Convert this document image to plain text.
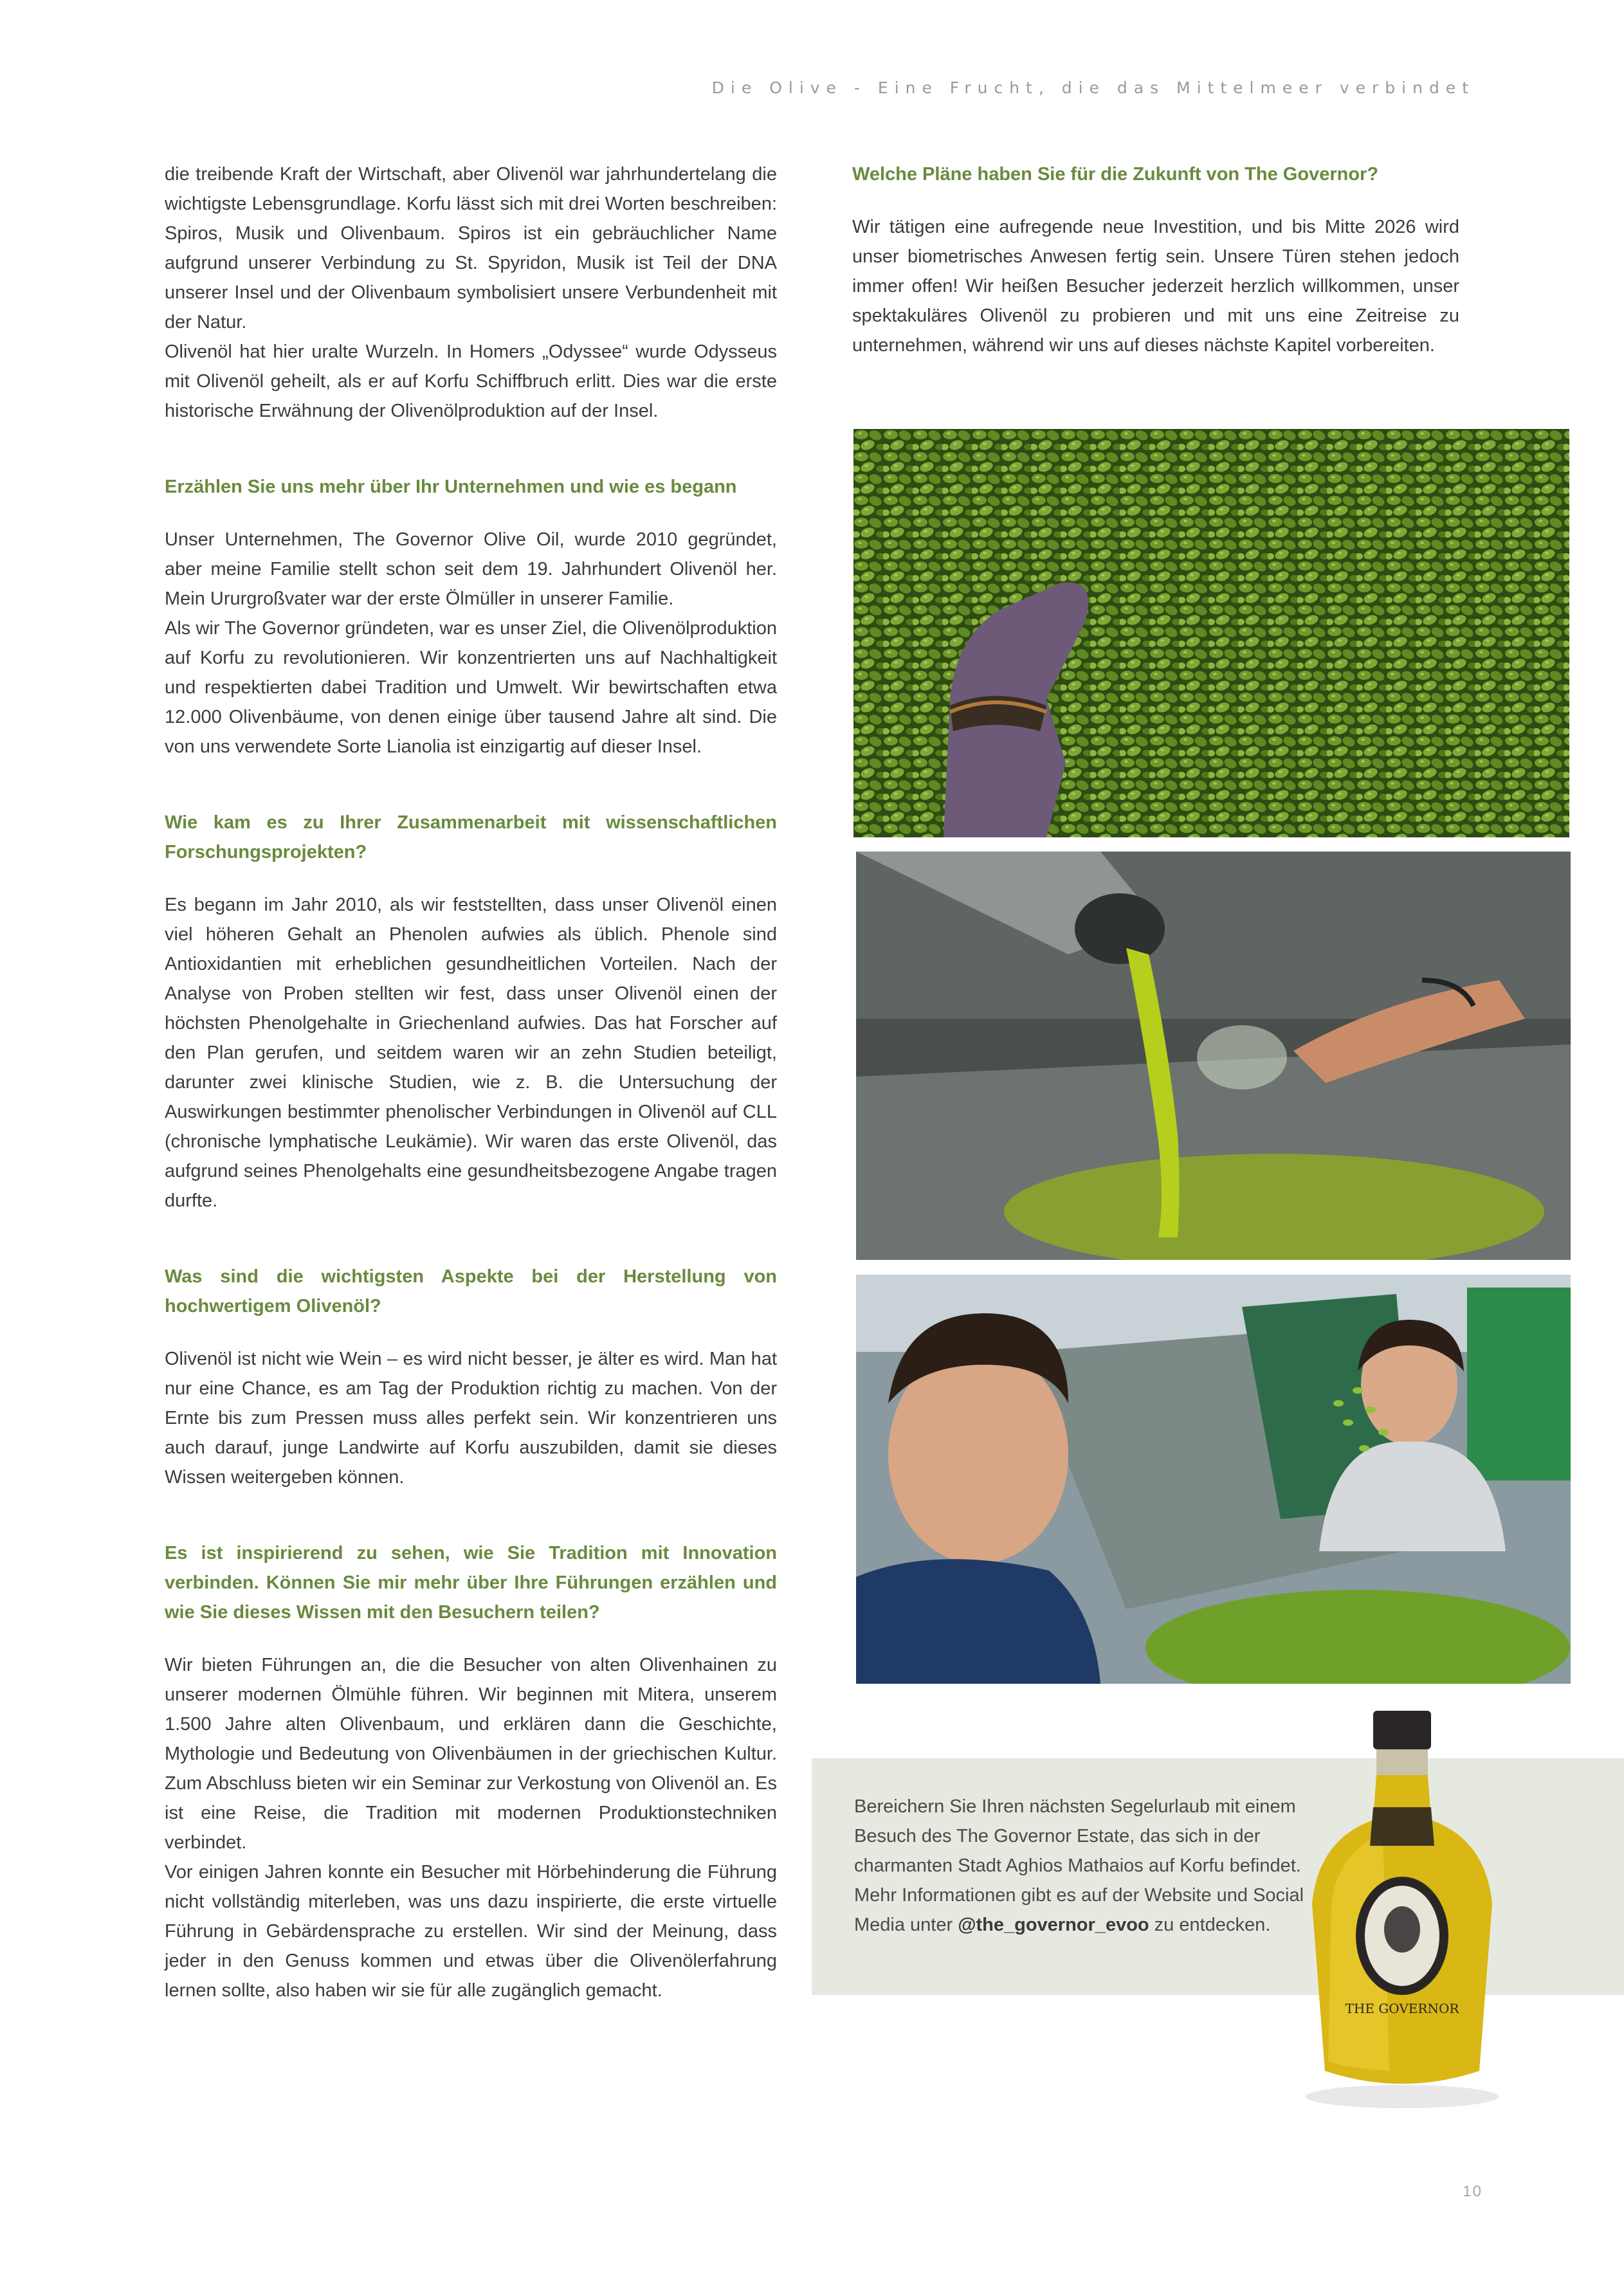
Die Olive - Eine Frucht, die das Mittelmeer verbindet

die treibende Kraft der Wirtschaft, aber Olivenöl war jahrhundertelang die wichtigste Lebensgrundlage. Korfu lässt sich mit drei Worten beschreiben: Spiros, Musik und Olivenbaum. Spiros ist ein gebräuchlicher Name aufgrund unserer Verbindung zu St. Spyridon, Musik ist Teil der DNA unserer Insel und der Olivenbaum symbolisiert unsere Verbundenheit mit der Natur.

Olivenöl hat hier uralte Wurzeln. In Homers „Odyssee“ wurde Odysseus mit Olivenöl geheilt, als er auf Korfu Schiffbruch erlitt. Dies war die erste historische Erwähnung der Olivenölproduktion auf der Insel.

Erzählen Sie uns mehr über Ihr Unternehmen und wie es begann

Unser Unternehmen, The Governor Olive Oil, wurde 2010 gegründet, aber meine Familie stellt schon seit dem 19. Jahrhundert Olivenöl her. Mein Ururgroßvater war der erste Ölmüller in unserer Familie.

Als wir The Governor gründeten, war es unser Ziel, die Olivenölproduktion auf Korfu zu revolutionieren. Wir konzentrierten uns auf Nachhaltigkeit und respektierten dabei Tradition und Umwelt. Wir bewirtschaften etwa 12.000 Olivenbäume, von denen einige über tausend Jahre alt sind. Die von uns verwendete Sorte Lianolia ist einzigartig auf dieser Insel.

Wie kam es zu Ihrer Zusammenarbeit mit wissenschaftlichen Forschungsprojekten?

Es begann im Jahr 2010, als wir feststellten, dass unser Olivenöl einen viel höheren Gehalt an Phenolen aufwies als üblich. Phenole sind Antioxidantien mit erheblichen gesundheitlichen Vorteilen. Nach der Analyse von Proben stellten wir fest, dass unser Olivenöl einen der höchsten Phenolgehalte in Griechenland aufwies. Das hat Forscher auf den Plan gerufen, und seitdem waren wir an zehn Studien beteiligt, darunter zwei klinische Studien, wie z. B. die Untersuchung der Auswirkungen bestimmter phenolischer Verbindungen in Olivenöl auf CLL (chronische lymphatische Leukämie). Wir waren das erste Olivenöl, das aufgrund seines Phenolgehalts eine gesundheitsbezogene Angabe tragen durfte.

Was sind die wichtigsten Aspekte bei der Herstellung von hochwertigem Olivenöl?

Olivenöl ist nicht wie Wein – es wird nicht besser, je älter es wird. Man hat nur eine Chance, es am Tag der Produktion richtig zu machen. Von der Ernte bis zum Pressen muss alles perfekt sein. Wir konzentrieren uns auch darauf, junge Landwirte auf Korfu auszubilden, damit sie dieses Wissen weitergeben können.

Es ist inspirierend zu sehen, wie Sie Tradition mit Innovation verbinden. Können Sie mir mehr über Ihre Führungen erzählen und wie Sie dieses Wissen mit den Besuchern teilen?

Wir bieten Führungen an, die die Besucher von alten Olivenhainen zu unserer modernen Ölmühle führen. Wir beginnen mit Mitera, unserem 1.500 Jahre alten Olivenbaum, und erklären dann die Geschichte, Mythologie und Bedeutung von Olivenbäumen in der griechischen Kultur. Zum Abschluss bieten wir ein Seminar zur Verkostung von Olivenöl an. Es ist eine Reise, die Tradition mit modernen Produktionstechniken verbindet.

Vor einigen Jahren konnte ein Besucher mit Hörbehinderung die Führung nicht vollständig miterleben, was uns dazu inspirierte, die erste virtuelle Führung in Gebärdensprache zu erstellen. Wir sind der Meinung, dass jeder in den Genuss kommen und etwas über die Olivenölerfahrung lernen sollte, also haben wir sie für alle zugänglich gemacht.

Welche Pläne haben Sie für die Zukunft von The Governor?

Wir tätigen eine aufregende neue Investition, und bis Mitte 2026 wird unser biometrisches Anwesen fertig sein. Unsere Türen stehen jedoch immer offen! Wir heißen Besucher jederzeit herzlich willkommen, unser spektakuläres Olivenöl zu probieren und mit uns eine Zeitreise zu unternehmen, während wir uns auf dieses nächste Kapitel vorbereiten.

Bereichern Sie Ihren nächsten Segelurlaub mit einem Besuch des The Governor Estate, das sich in der charmanten Stadt Aghios Mathaios auf Korfu befindet. Mehr Informationen gibt es auf der Website und Social Media unter @the_governor_evoo zu entdecken.
THE GOVERNOR
10
